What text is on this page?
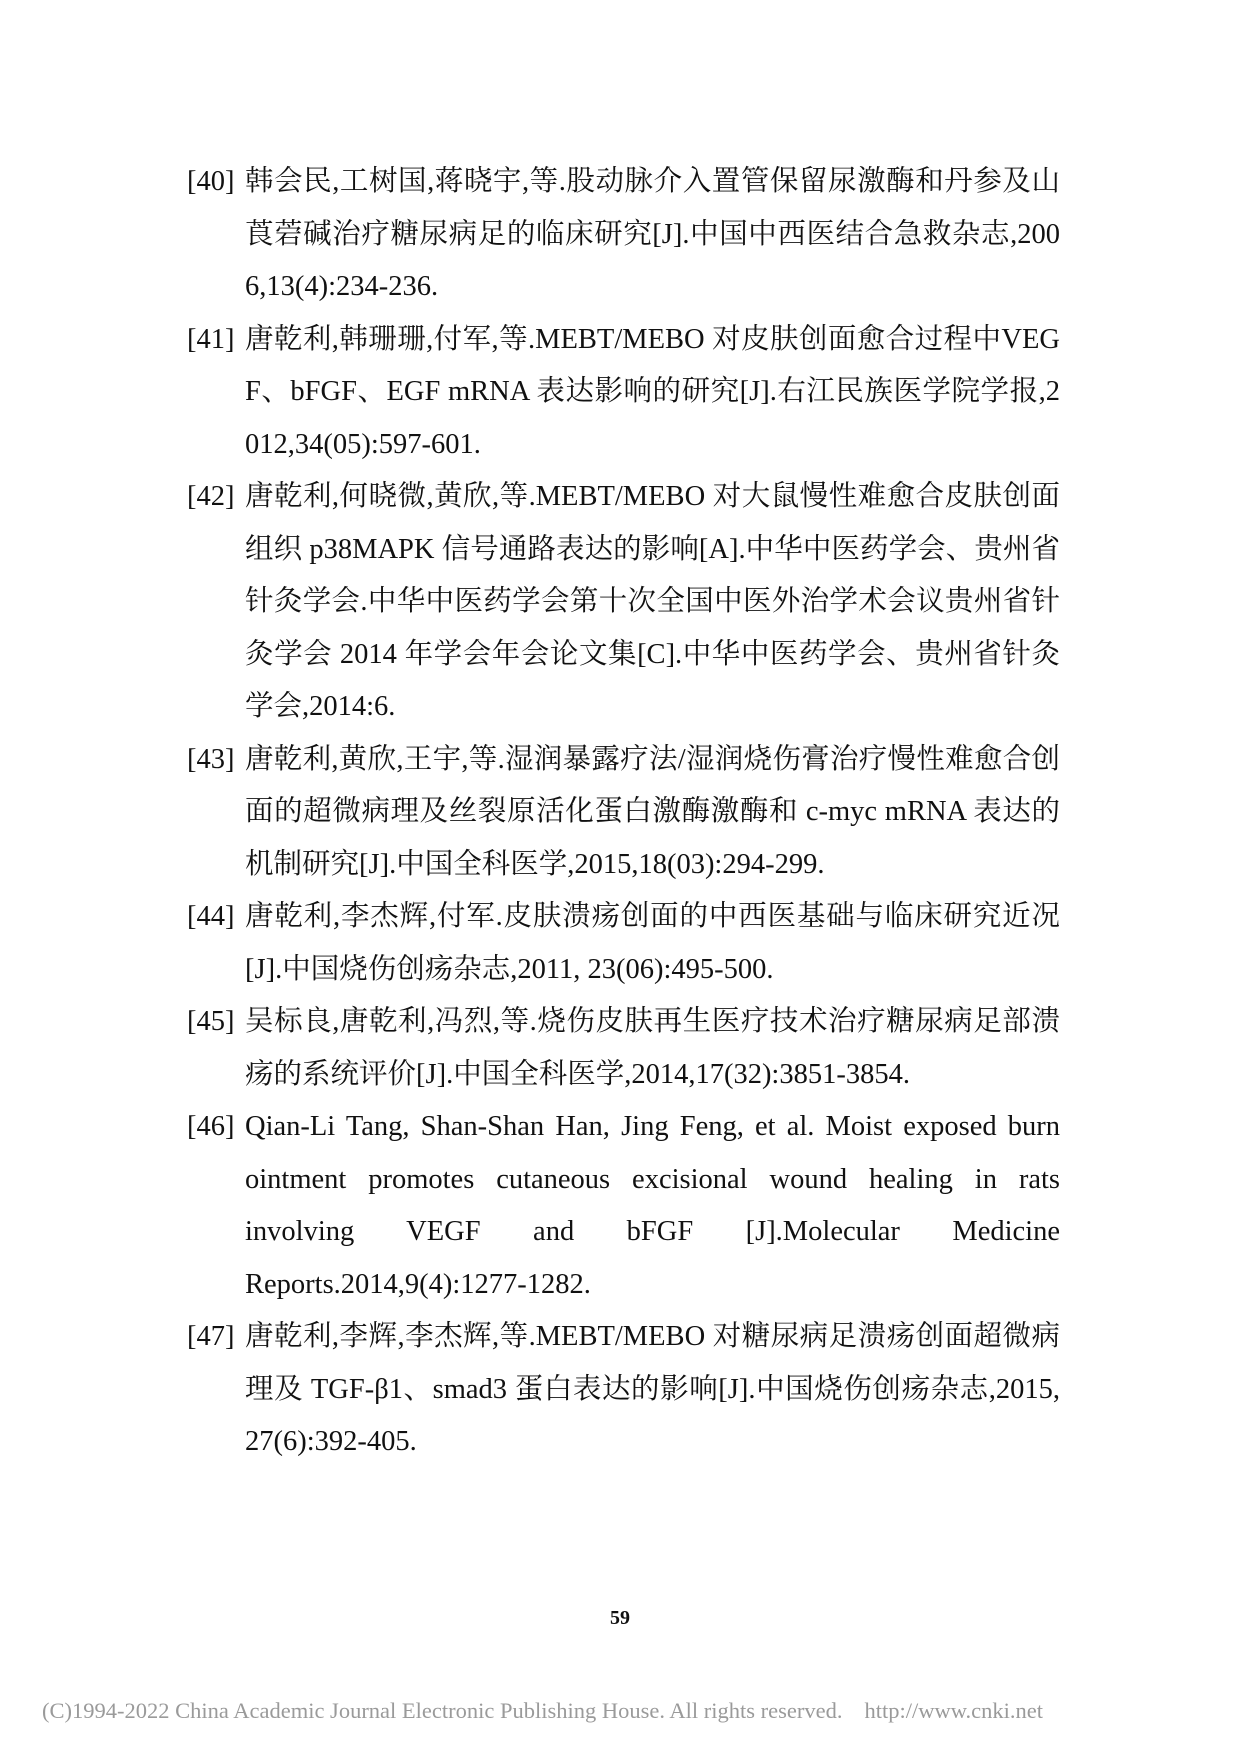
[40] 韩会民,工树国,蒋晓宇,等.股动脉介入置管保留尿激酶和丹参及山莨菪碱治疗糖尿病足的临床研究[J].中国中西医结合急救杂志,2006,13(4):234-236.
[41] 唐乾利,韩珊珊,付军,等.MEBT/MEBO 对皮肤创面愈合过程中VEGF、bFGF、EGF mRNA 表达影响的研究[J].右江民族医学院学报,2012,34(05):597-601.
[42] 唐乾利,何晓微,黄欣,等.MEBT/MEBO 对大鼠慢性难愈合皮肤创面组织 p38MAPK 信号通路表达的影响[A].中华中医药学会、贵州省针灸学会.中华中医药学会第十次全国中医外治学术会议贵州省针灸学会 2014 年学会年会论文集[C].中华中医药学会、贵州省针灸学会,2014:6.
[43] 唐乾利,黄欣,王宇,等.湿润暴露疗法/湿润烧伤膏治疗慢性难愈合创面的超微病理及丝裂原活化蛋白激酶激酶和 c-myc mRNA 表达的机制研究[J].中国全科医学,2015,18(03):294-299.
[44] 唐乾利,李杰辉,付军.皮肤溃疡创面的中西医基础与临床研究近况[J].中国烧伤创疡杂志,2011, 23(06):495-500.
[45] 吴标良,唐乾利,冯烈,等.烧伤皮肤再生医疗技术治疗糖尿病足部溃疡的系统评价[J].中国全科医学,2014,17(32):3851-3854.
[46] Qian-Li Tang, Shan-Shan Han, Jing Feng, et al. Moist exposed burn ointment promotes cutaneous excisional wound healing in rats involving VEGF and bFGF [J].Molecular Medicine Reports.2014,9(4):1277-1282.
[47] 唐乾利,李辉,李杰辉,等.MEBT/MEBO 对糖尿病足溃疡创面超微病理及 TGF-β1、smad3 蛋白表达的影响[J].中国烧伤创疡杂志,2015,27(6):392-405.
59
(C)1994-2022 China Academic Journal Electronic Publishing House. All rights reserved. http://www.cnki.net
